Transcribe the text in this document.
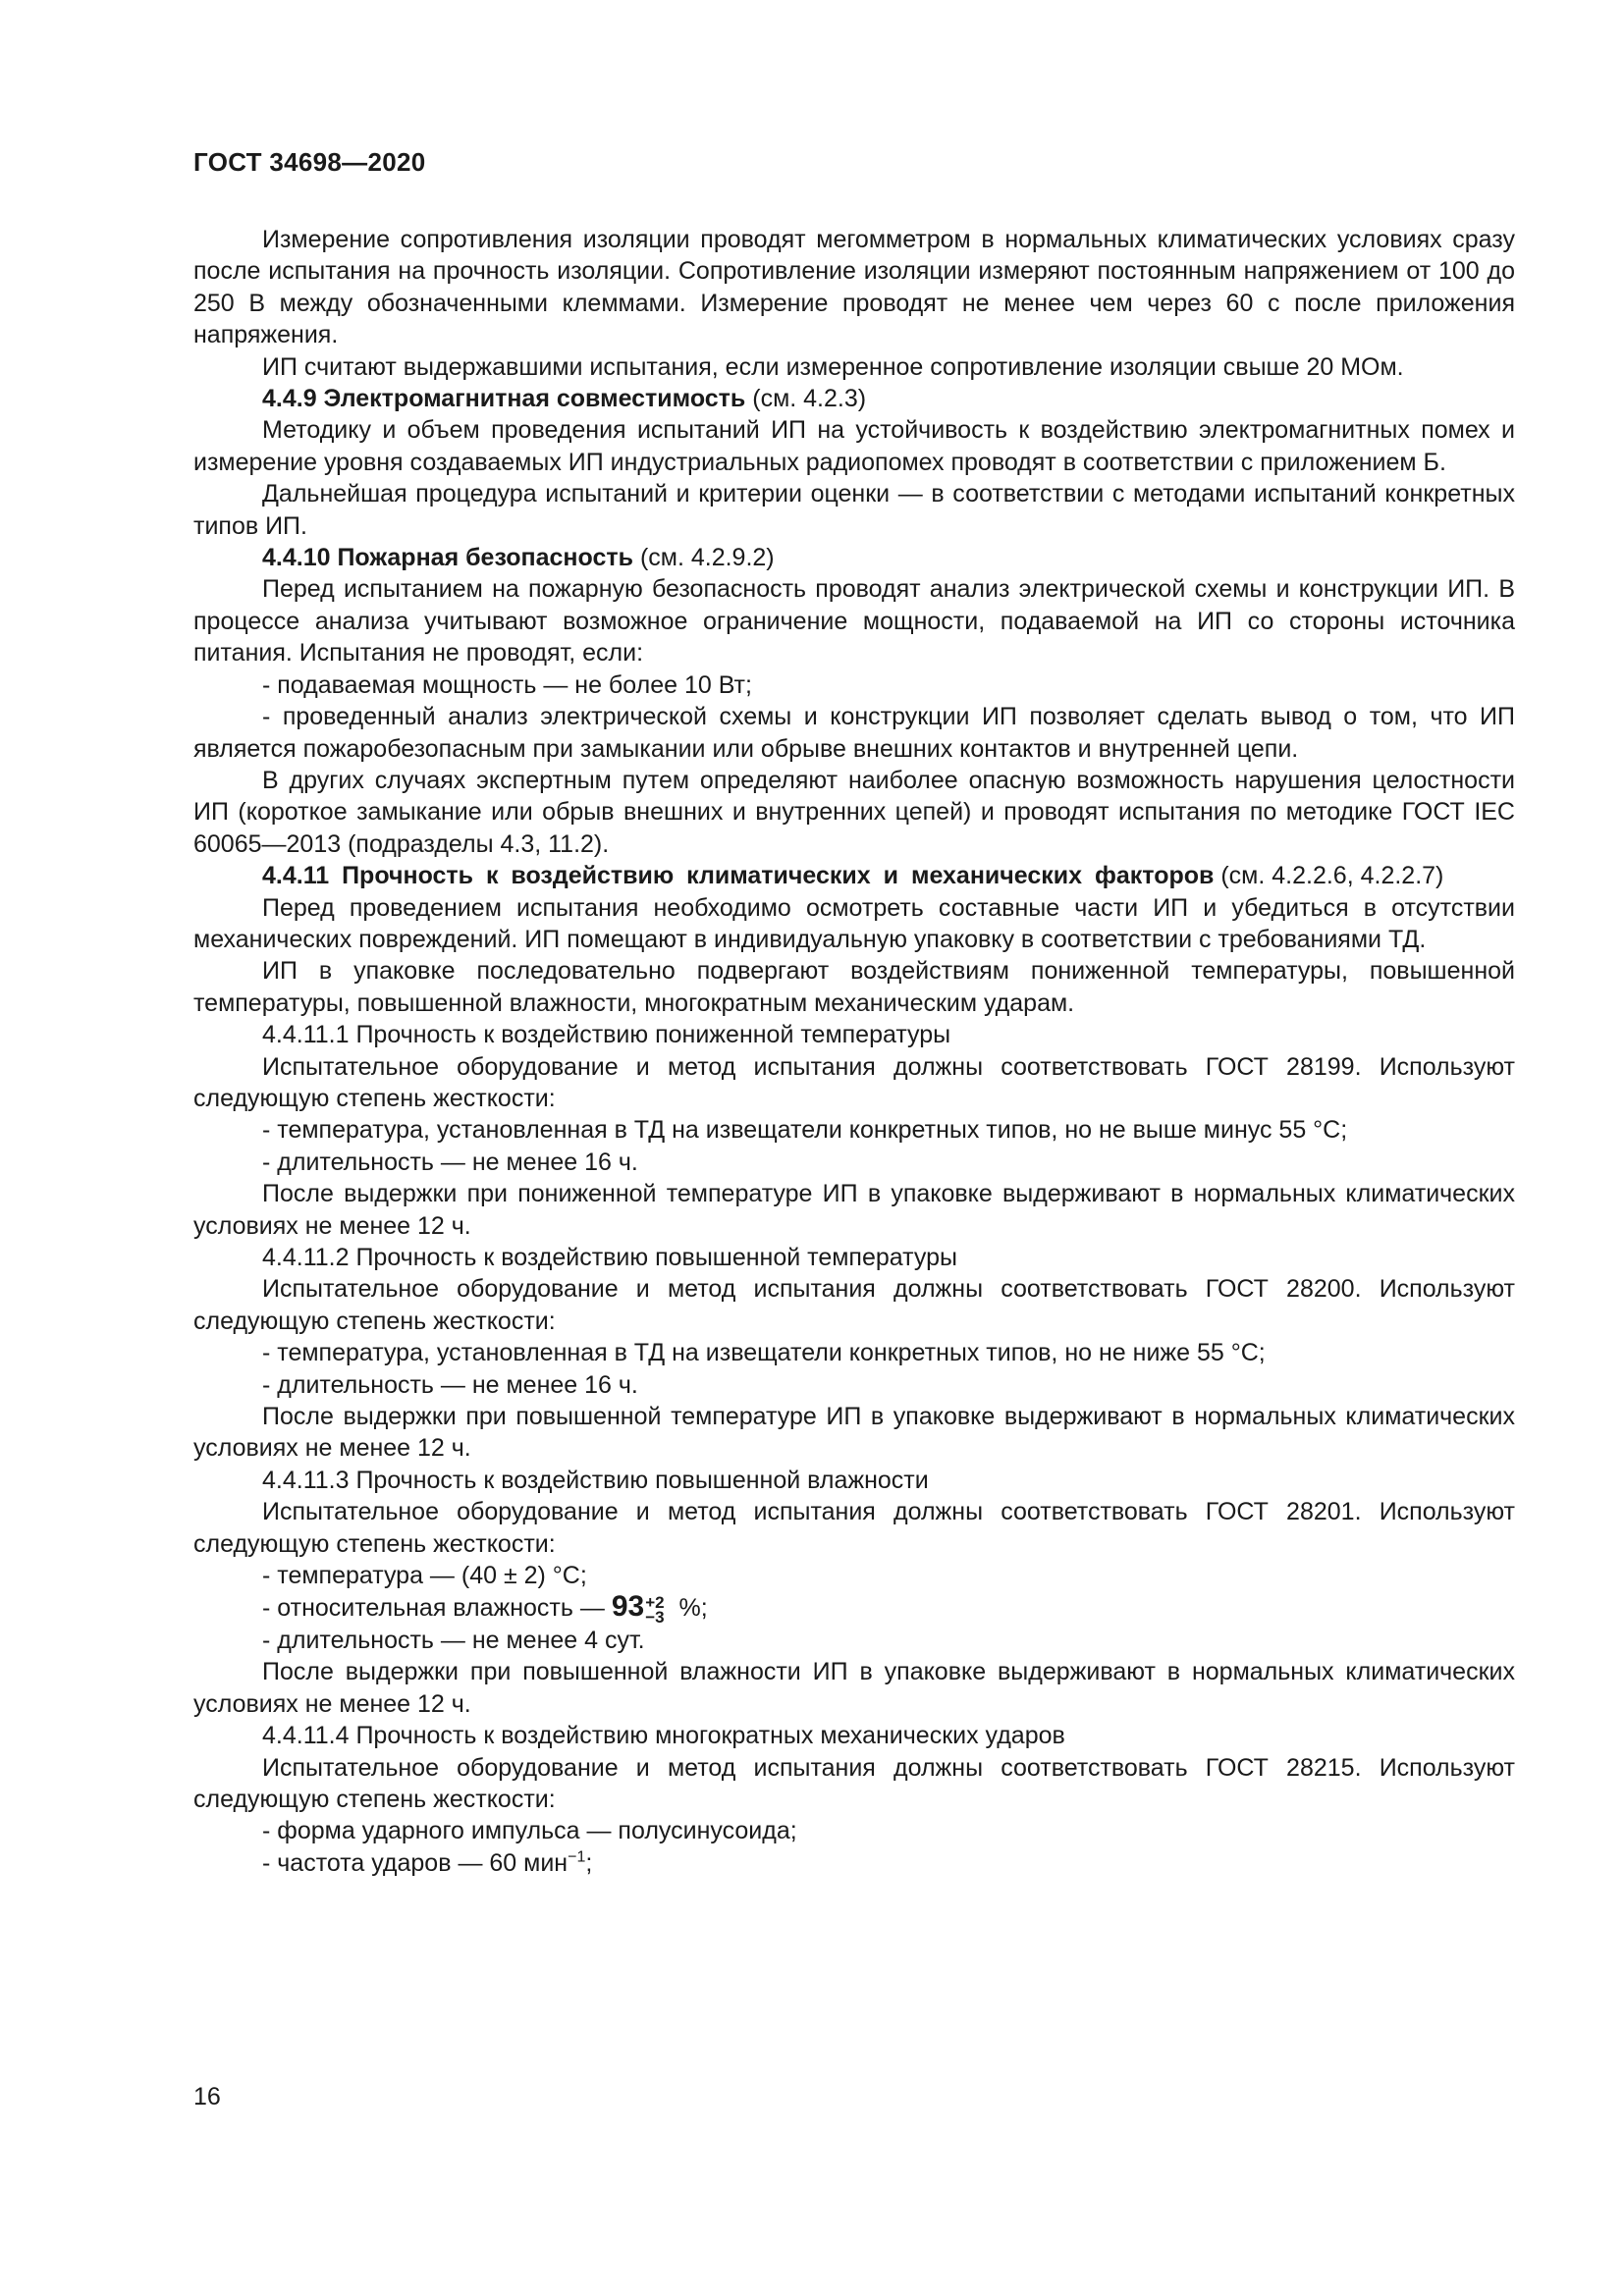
ГОСТ 34698—2020

Измерение сопротивления изоляции проводят мегомметром в нормальных климатических условиях сразу после испытания на прочность изоляции. Сопротивление изоляции измеряют постоянным напряжением от 100 до 250 В между обозначенными клеммами. Измерение проводят не менее чем через 60 с после приложения напряжения.

ИП считают выдержавшими испытания, если измеренное сопротивление изоляции свыше 20 МОм.

4.4.9 Электромагнитная совместимость (см. 4.2.3)

Методику и объем проведения испытаний ИП на устойчивость к воздействию электромагнитных помех и измерение уровня создаваемых ИП индустриальных радиопомех проводят в соответствии с приложением Б.

Дальнейшая процедура испытаний и критерии оценки — в соответствии с методами испытаний конкретных типов ИП.

4.4.10 Пожарная безопасность (см. 4.2.9.2)

Перед испытанием на пожарную безопасность проводят анализ электрической схемы и конструкции ИП. В процессе анализа учитывают возможное ограничение мощности, подаваемой на ИП со стороны источника питания. Испытания не проводят, если:

- подаваемая мощность — не более 10 Вт;

- проведенный анализ электрической схемы и конструкции ИП позволяет сделать вывод о том, что ИП является пожаробезопасным при замыкании или обрыве внешних контактов и внутренней цепи.

В других случаях экспертным путем определяют наиболее опасную возможность нарушения целостности ИП (короткое замыкание или обрыв внешних и внутренних цепей) и проводят испытания по методике ГОСТ IEC 60065—2013 (подразделы 4.3, 11.2).

4.4.11 Прочность к воздействию климатических и механических факторов (см. 4.2.2.6, 4.2.2.7)

Перед проведением испытания необходимо осмотреть составные части ИП и убедиться в отсутствии механических повреждений. ИП помещают в индивидуальную упаковку в соответствии с требованиями ТД.

ИП в упаковке последовательно подвергают воздействиям пониженной температуры, повышенной температуры, повышенной влажности, многократным механическим ударам.

4.4.11.1 Прочность к воздействию пониженной температуры

Испытательное оборудование и метод испытания должны соответствовать ГОСТ 28199. Используют следующую степень жесткости:

- температура, установленная в ТД на извещатели конкретных типов, но не выше минус 55 °С;

- длительность — не менее 16 ч.

После выдержки при пониженной температуре ИП в упаковке выдерживают в нормальных климатических условиях не менее 12 ч.

4.4.11.2 Прочность к воздействию повышенной температуры

Испытательное оборудование и метод испытания должны соответствовать ГОСТ 28200. Используют следующую степень жесткости:

- температура, установленная в ТД на извещатели конкретных типов, но не ниже 55 °С;

- длительность — не менее 16 ч.

После выдержки при повышенной температуре ИП в упаковке выдерживают в нормальных климатических условиях не менее 12 ч.

4.4.11.3 Прочность к воздействию повышенной влажности

Испытательное оборудование и метод испытания должны соответствовать ГОСТ 28201. Используют следующую степень жесткости:

- температура — (40 ± 2) °С;

- относительная влажность — 93 +2
−3 %;

- длительность — не менее 4 сут.

После выдержки при повышенной влажности ИП в упаковке выдерживают в нормальных климатических условиях не менее 12 ч.

4.4.11.4 Прочность к воздействию многократных механических ударов

Испытательное оборудование и метод испытания должны соответствовать ГОСТ 28215. Используют следующую степень жесткости:

- форма ударного импульса — полусинусоида;

- частота ударов — 60 мин$^{-1}$;

16
